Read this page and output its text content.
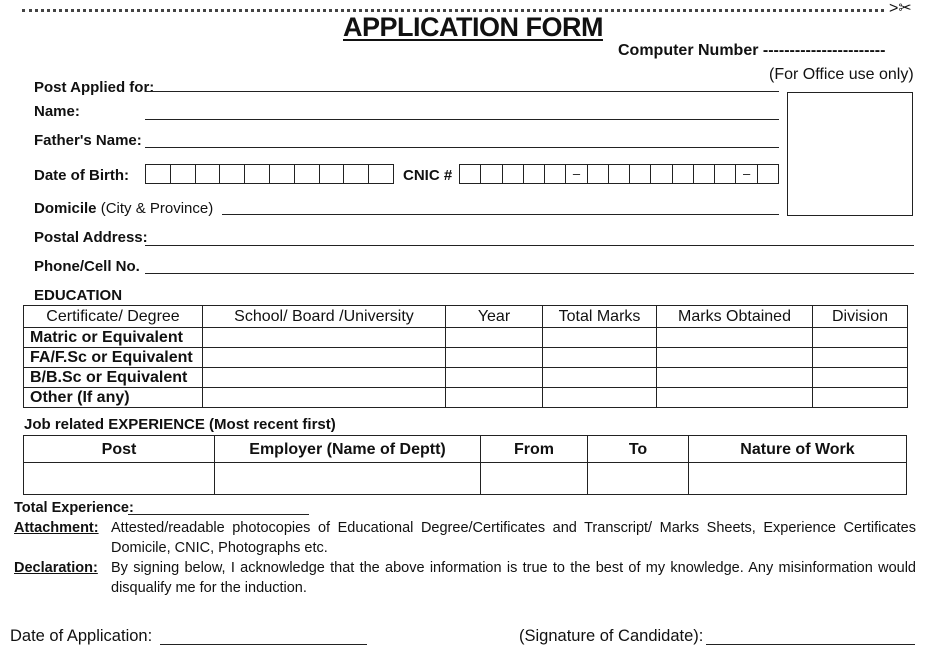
>✂
APPLICATION FORM
Computer Number -----------------------
(For Office use only)
Post Applied for:
Name:
Father's Name:
Date of Birth:	CNIC #	–	–
Domicile (City & Province)
Postal Address:
Phone/Cell No.
EDUCATION
Certificate/ Degree	School/ Board /University	Year	Total Marks	Marks Obtained	Division
Matric or Equivalent					
FA/F.Sc or Equivalent					
B/B.Sc or Equivalent					
Other (If any)					
Job related EXPERIENCE (Most recent first)
Post	Employer (Name of Deptt)	From	To	Nature of Work

Total Experience:
Attachment: Attested/readable photocopies of Educational Degree/Certificates and Transcript/ Marks Sheets, Experience Certificates Domicile, CNIC, Photographs etc.
Declaration: By signing below, I acknowledge that the above information is true to the best of my knowledge. Any misinformation would disqualify me for the induction.
Date of Application:	(Signature of Candidate):
